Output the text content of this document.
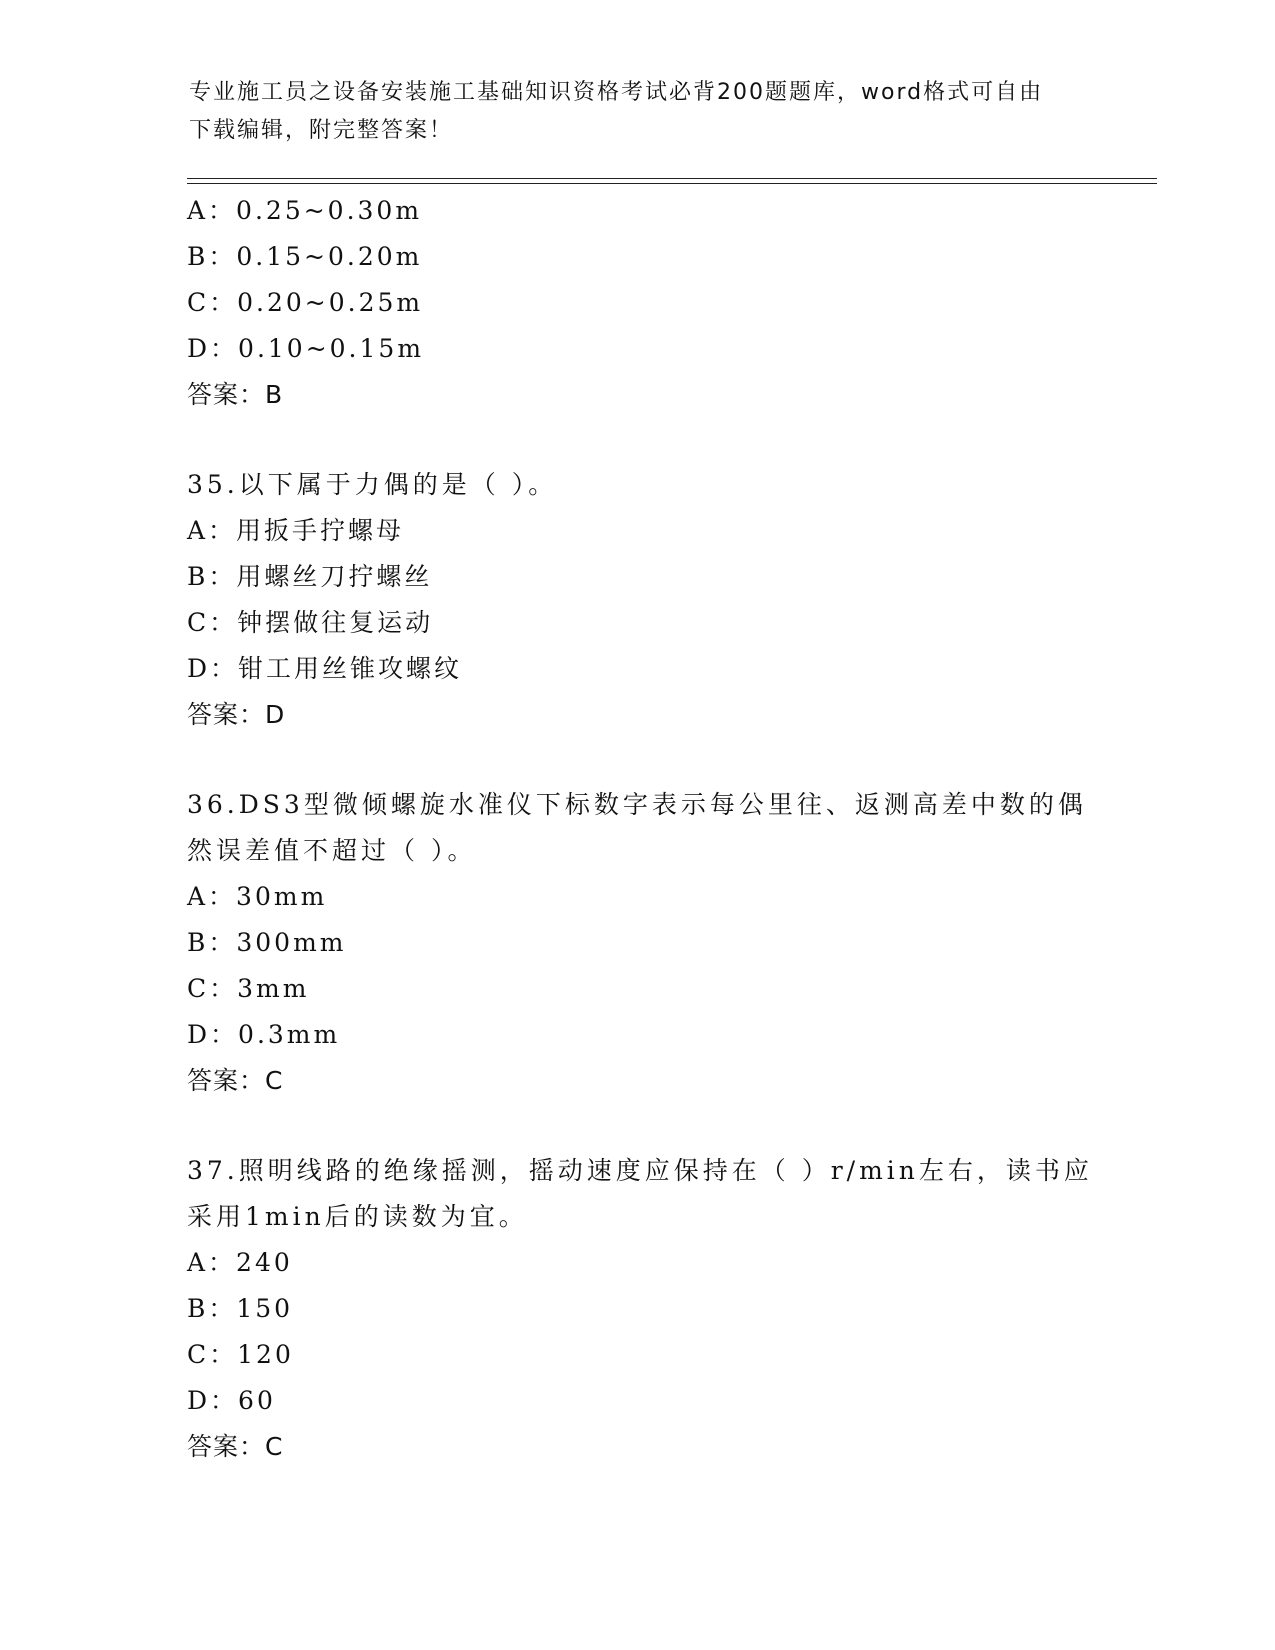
专业施工员之设备安装施工基础知识资格考试必背200题题库，word格式可自由
下载编辑，附完整答案！
A：0.25~0.30m
B：0.15~0.20m
C：0.20~0.25m
D：0.10~0.15m
答案：B
35.以下属于力偶的是（ ）。
A：用扳手拧螺母
B：用螺丝刀拧螺丝
C：钟摆做往复运动
D：钳工用丝锥攻螺纹
答案：D
36.DS3型微倾螺旋水准仪下标数字表示每公里往、返测高差中数的偶
然误差值不超过（ ）。
A：30mm
B：300mm
C：3mm
D：0.3mm
答案：C
37.照明线路的绝缘摇测，摇动速度应保持在（ ）r/min左右，读书应
采用1min后的读数为宜。
A：240
B：150
C：120
D：60
答案：C
